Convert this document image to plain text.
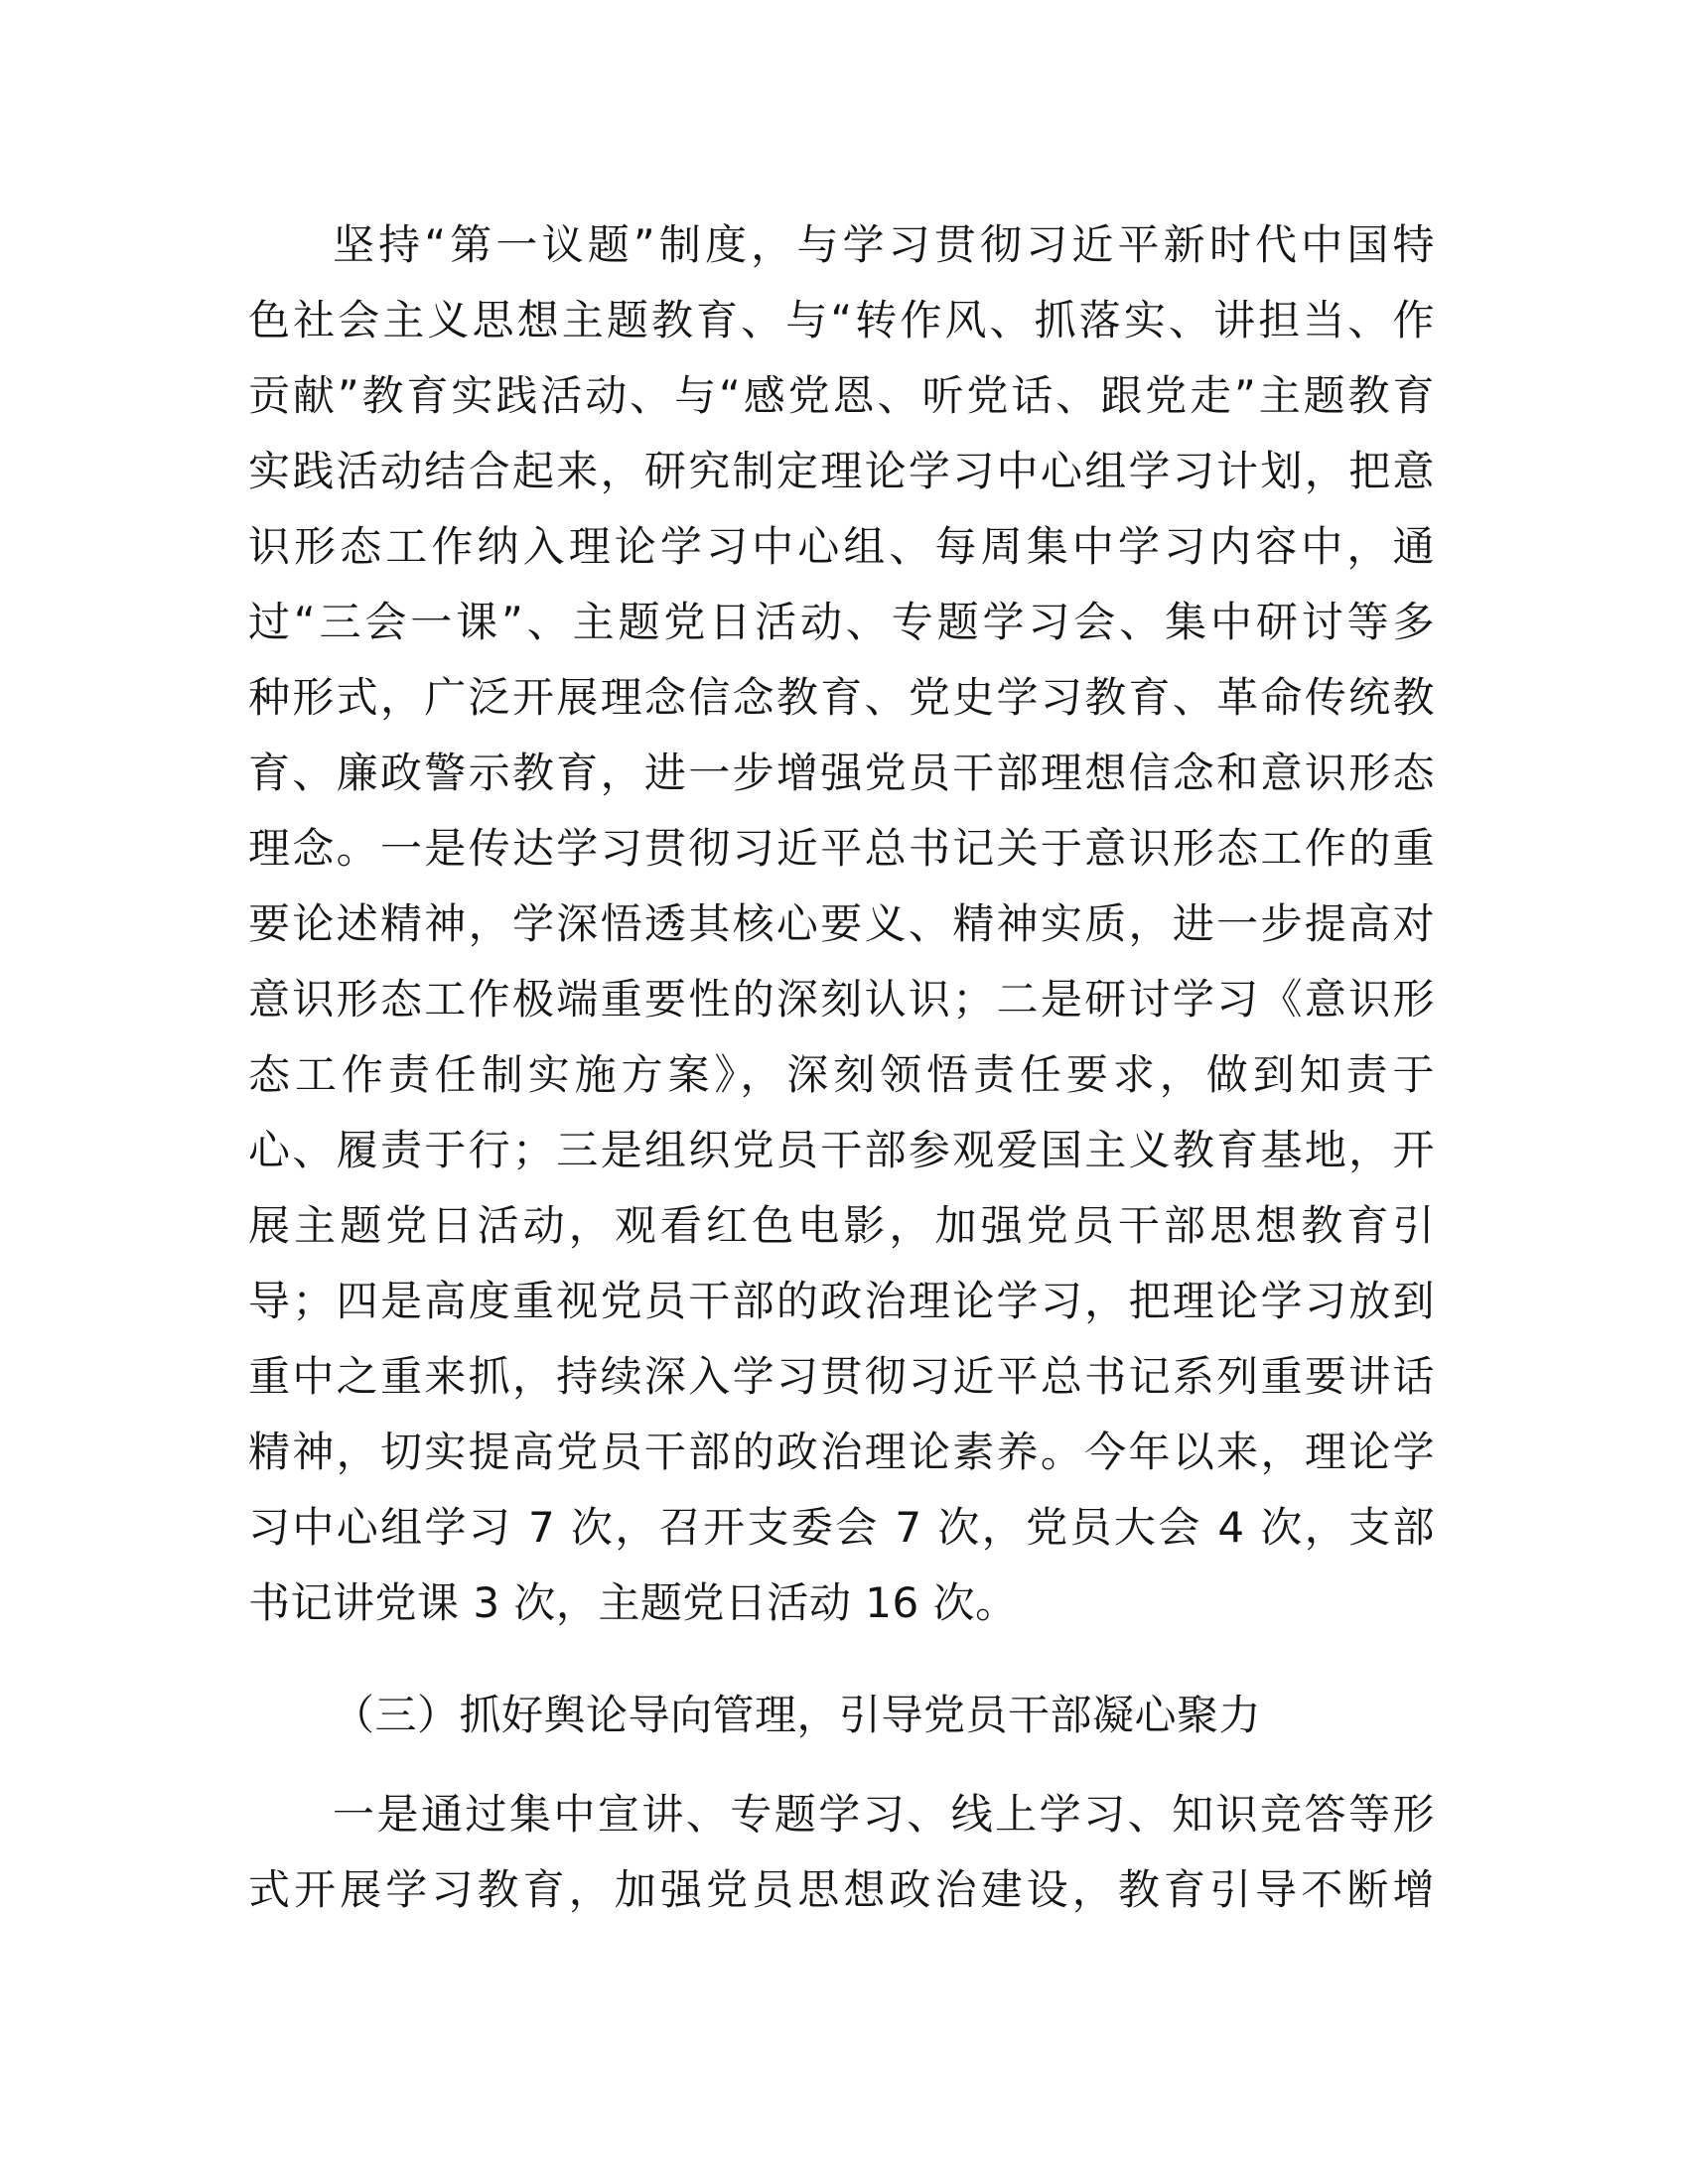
坚持“第一议题”制度，与学习贯彻习近平新时代中国特
色社会主义思想主题教育、与“转作风、抓落实、讲担当、作
贡献”教育实践活动、与“感党恩、听党话、跟党走”主题教育
实践活动结合起来，研究制定理论学习中心组学习计划，把意
识形态工作纳入理论学习中心组、每周集中学习内容中，通
过“三会一课”、主题党日活动、专题学习会、集中研讨等多
种形式，广泛开展理念信念教育、党史学习教育、革命传统教
育、廉政警示教育，进一步增强党员干部理想信念和意识形态
理念。一是传达学习贯彻习近平总书记关于意识形态工作的重
要论述精神，学深悟透其核心要义、精神实质，进一步提高对
意识形态工作极端重要性的深刻认识；二是研讨学习《意识形
态工作责任制实施方案》，深刻领悟责任要求，做到知责于
心、履责于行；三是组织党员干部参观爱国主义教育基地，开
展主题党日活动，观看红色电影，加强党员干部思想教育引
导；四是高度重视党员干部的政治理论学习，把理论学习放到
重中之重来抓，持续深入学习贯彻习近平总书记系列重要讲话
精神，切实提高党员干部的政治理论素养。今年以来，理论学
习中心组学习 7 次，召开支委会 7 次，党员大会 4 次，支部
书记讲党课 3 次，主题党日活动 16 次。
（三）抓好舆论导向管理，引导党员干部凝心聚力
一是通过集中宣讲、专题学习、线上学习、知识竞答等形
式开展学习教育，加强党员思想政治建设，教育引导不断增
